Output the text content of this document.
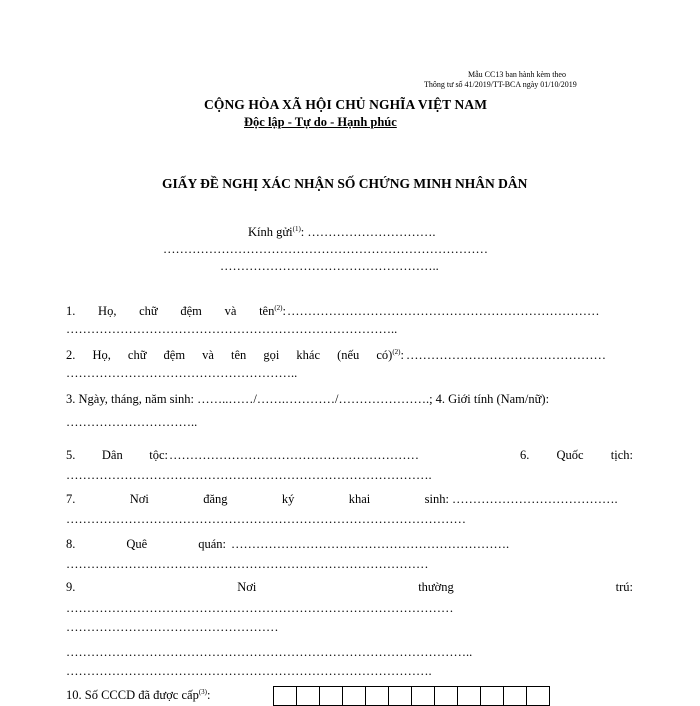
Mẫu CC13 ban hành kèm theo
Thông tư số 41/2019/TT-BCA ngày 01/10/2019
CỘNG HÒA XÃ HỘI CHỦ NGHĨA VIỆT NAM
Độc lập - Tự do - Hạnh phúc
GIẤY ĐỀ NGHỊ XÁC NHẬN SỐ CHỨNG MINH NHÂN DÂN
Kính gửi$^{(1)}$: ………………………….
……………………………………………………………………
……………………………………………..
1. Họ, chữ đệm và tên$^{(2)}$: …………………………………………………………………
……………………………………………………………………..
2. Họ, chữ đệm và tên gọi khác (nếu có)$^{(2)}$: …………………………………………
………………………………………………..
3. Ngày, tháng, năm sinh: ……..……/…….…………/………………….; 4. Giới tính (Nam/nữ):
…………………………..
5. Dân tộc: ……………………………………………………	6. Quốc tịch:
…………………………………………………………………………….
7.	Nơi	đăng	ký	khai	sinh: ………………………………….
……………………………………………………………………………………
8.	Quê	quán: ………………………………………………………….
……………………………………………………………………………
9.	Nơi	thường	trú:
…………………………………………………………………………………
……………………………………………
……………………………………………………………………………………..
…………………………………………………………………………….
10. Số CCCD đã được cấp$^{(3)}$:
